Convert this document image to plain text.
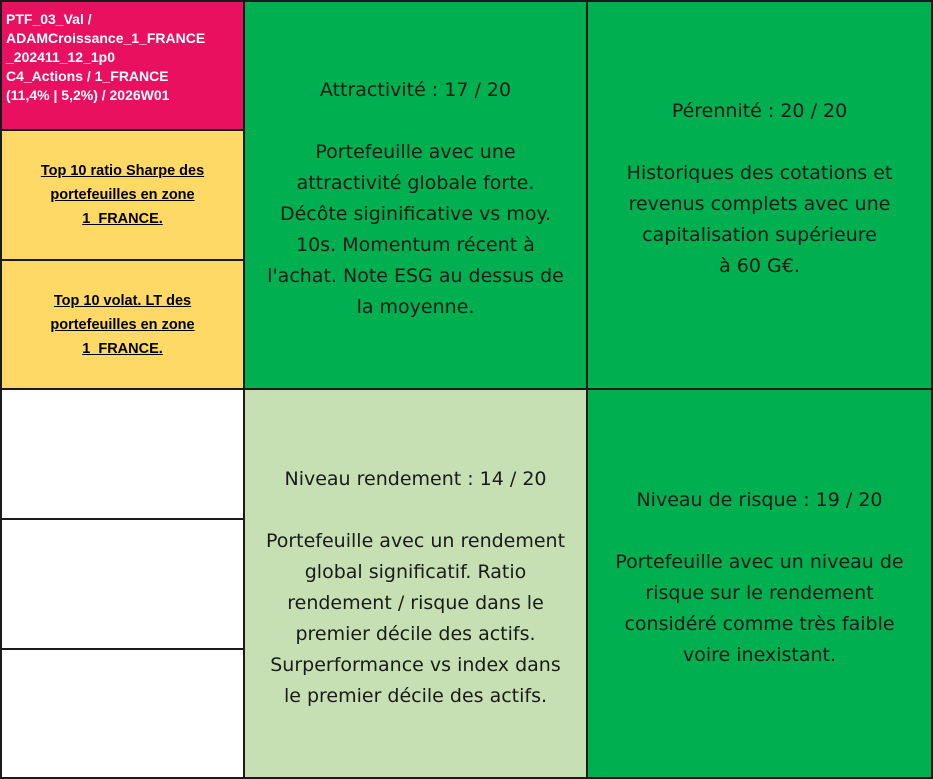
PTF_03_Val /
ADAMCroissance_1_FRANCE
_202411_12_1p0
C4_Actions / 1_FRANCE
(11,4% | 5,2%) / 2026W01
Top 10 ratio Sharpe des
portefeuilles en zone
1_FRANCE.
Top 10 volat. LT des
portefeuilles en zone
1_FRANCE.
Attractivité : 17 / 20
Portefeuille avec une
attractivité globale forte.
Décôte siginificative vs moy.
10s. Momentum récent à
l'achat. Note ESG au dessus de
la moyenne.
Pérennité : 20 / 20
Historiques des cotations et
revenus complets avec une
capitalisation supérieure
à 60 G€.
Niveau rendement : 14 / 20
Portefeuille avec un rendement
global significatif. Ratio
rendement / risque dans le
premier décile des actifs.
Surperformance vs index dans
le premier décile des actifs.
Niveau de risque : 19 / 20
Portefeuille avec un niveau de
risque sur le rendement
considéré comme très faible
voire inexistant.
